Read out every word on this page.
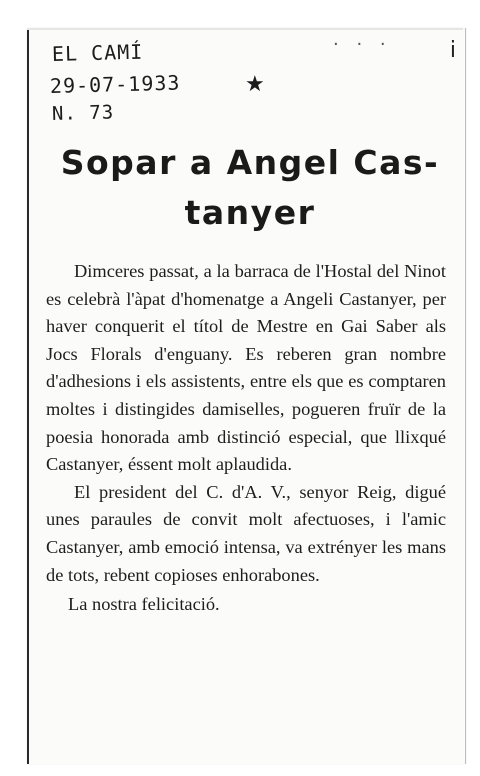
EL CAMÍ
29-07-1933
N. 73
★
· · ·	i
Sopar a Angel Cas-
tanyer

Dimceres passat, a la barraca de l'Hostal del Ninot es celebrà l'àpat d'homenatge a Angeli Castanyer, per haver conquerit el títol de Mestre en Gai Saber als Jocs Florals d'enguany. Es reberen gran nombre d'adhesions i els assistents, entre els que es comptaren moltes i distingides damiselles, pogueren fruïr de la poesia honorada amb distinció especial, que llixqué Castanyer, éssent molt aplaudida.

El president del C. d'A. V., senyor Reig, digué unes paraules de convit molt afectuoses, i l'amic Castanyer, amb emoció intensa, va extrényer les mans de tots, rebent copioses enhorabones.

La nostra felicitació.
